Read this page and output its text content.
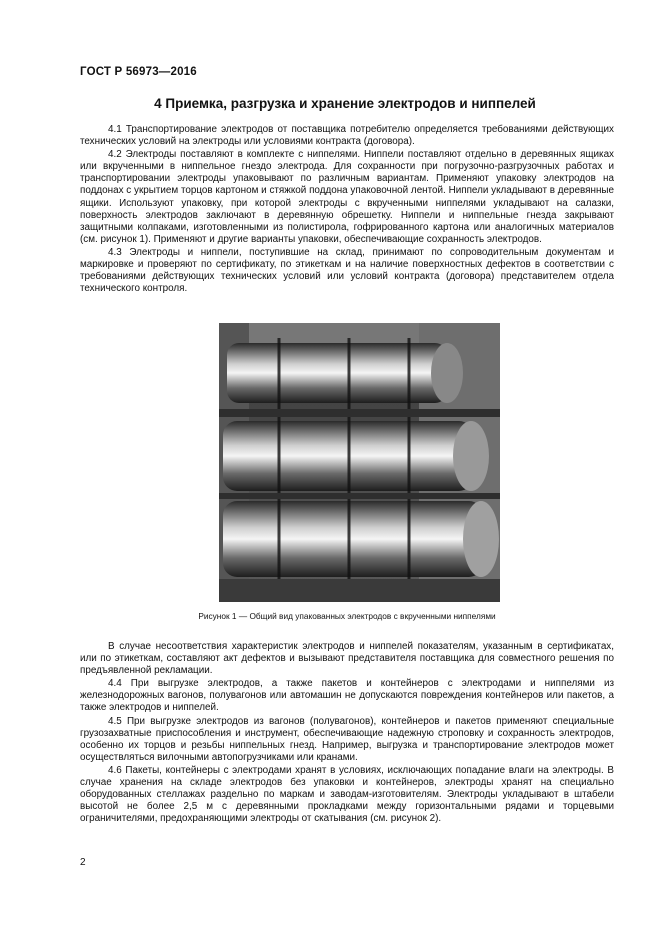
ГОСТ Р 56973—2016
4 Приемка, разгрузка и хранение электродов и ниппелей

4.1 Транспортирование электродов от поставщика потребителю определяется требованиями действующих технических условий на электроды или условиями контракта (договора).

4.2 Электроды поставляют в комплекте с ниппелями. Ниппели поставляют отдельно в деревянных ящиках или вкрученными в ниппельное гнездо электрода. Для сохранности при погрузочно-разгрузочных работах и транспортировании электроды упаковывают по различным вариантам. Применяют упаковку электродов на поддонах с укрытием торцов картоном и стяжкой поддона упаковочной лентой. Ниппели укладывают в деревянные ящики. Используют упаковку, при которой электроды с вкрученными ниппелями укладывают на салазки, поверхность электродов заключают в деревянную обрешетку. Ниппели и ниппельные гнезда закрывают защитными колпаками, изготовленными из полистирола, гофрированного картона или аналогичных материалов (см. рисунок 1). Применяют и другие варианты упаковки, обеспечивающие сохранность электродов.

4.3 Электроды и ниппели, поступившие на склад, принимают по сопроводительным документам и маркировке и проверяют по сертификату, по этикеткам и на наличие поверхностных дефектов в соответствии с требованиями действующих технических условий или условий контракта (договора) представителем отдела технического контроля.

Рисунок 1 — Общий вид упакованных электродов с вкрученными ниппелями

В случае несоответствия характеристик электродов и ниппелей показателям, указанным в сертификатах, или по этикеткам, составляют акт дефектов и вызывают представителя поставщика для совместного решения по предъявленной рекламации.

4.4 При выгрузке электродов, а также пакетов и контейнеров с электродами и ниппелями из железнодорожных вагонов, полувагонов или автомашин не допускаются повреждения контейнеров или пакетов, а также электродов и ниппелей.

4.5 При выгрузке электродов из вагонов (полувагонов), контейнеров и пакетов применяют специальные грузозахватные приспособления и инструмент, обеспечивающие надежную строповку и сохранность электродов, особенно их торцов и резьбы ниппельных гнезд. Например, выгрузка и транспортирование электродов может осуществляться вилочными автопогрузчиками или кранами.

4.6 Пакеты, контейнеры с электродами хранят в условиях, исключающих попадание влаги на электроды. В случае хранения на складе электродов без упаковки и контейнеров, электроды хранят на специально оборудованных стеллажах раздельно по маркам и заводам-изготовителям. Электроды укладывают в штабели высотой не более 2,5 м с деревянными прокладками между горизонтальными рядами и торцевыми ограничителями, предохраняющими электроды от скатывания (см. рисунок 2).

2
